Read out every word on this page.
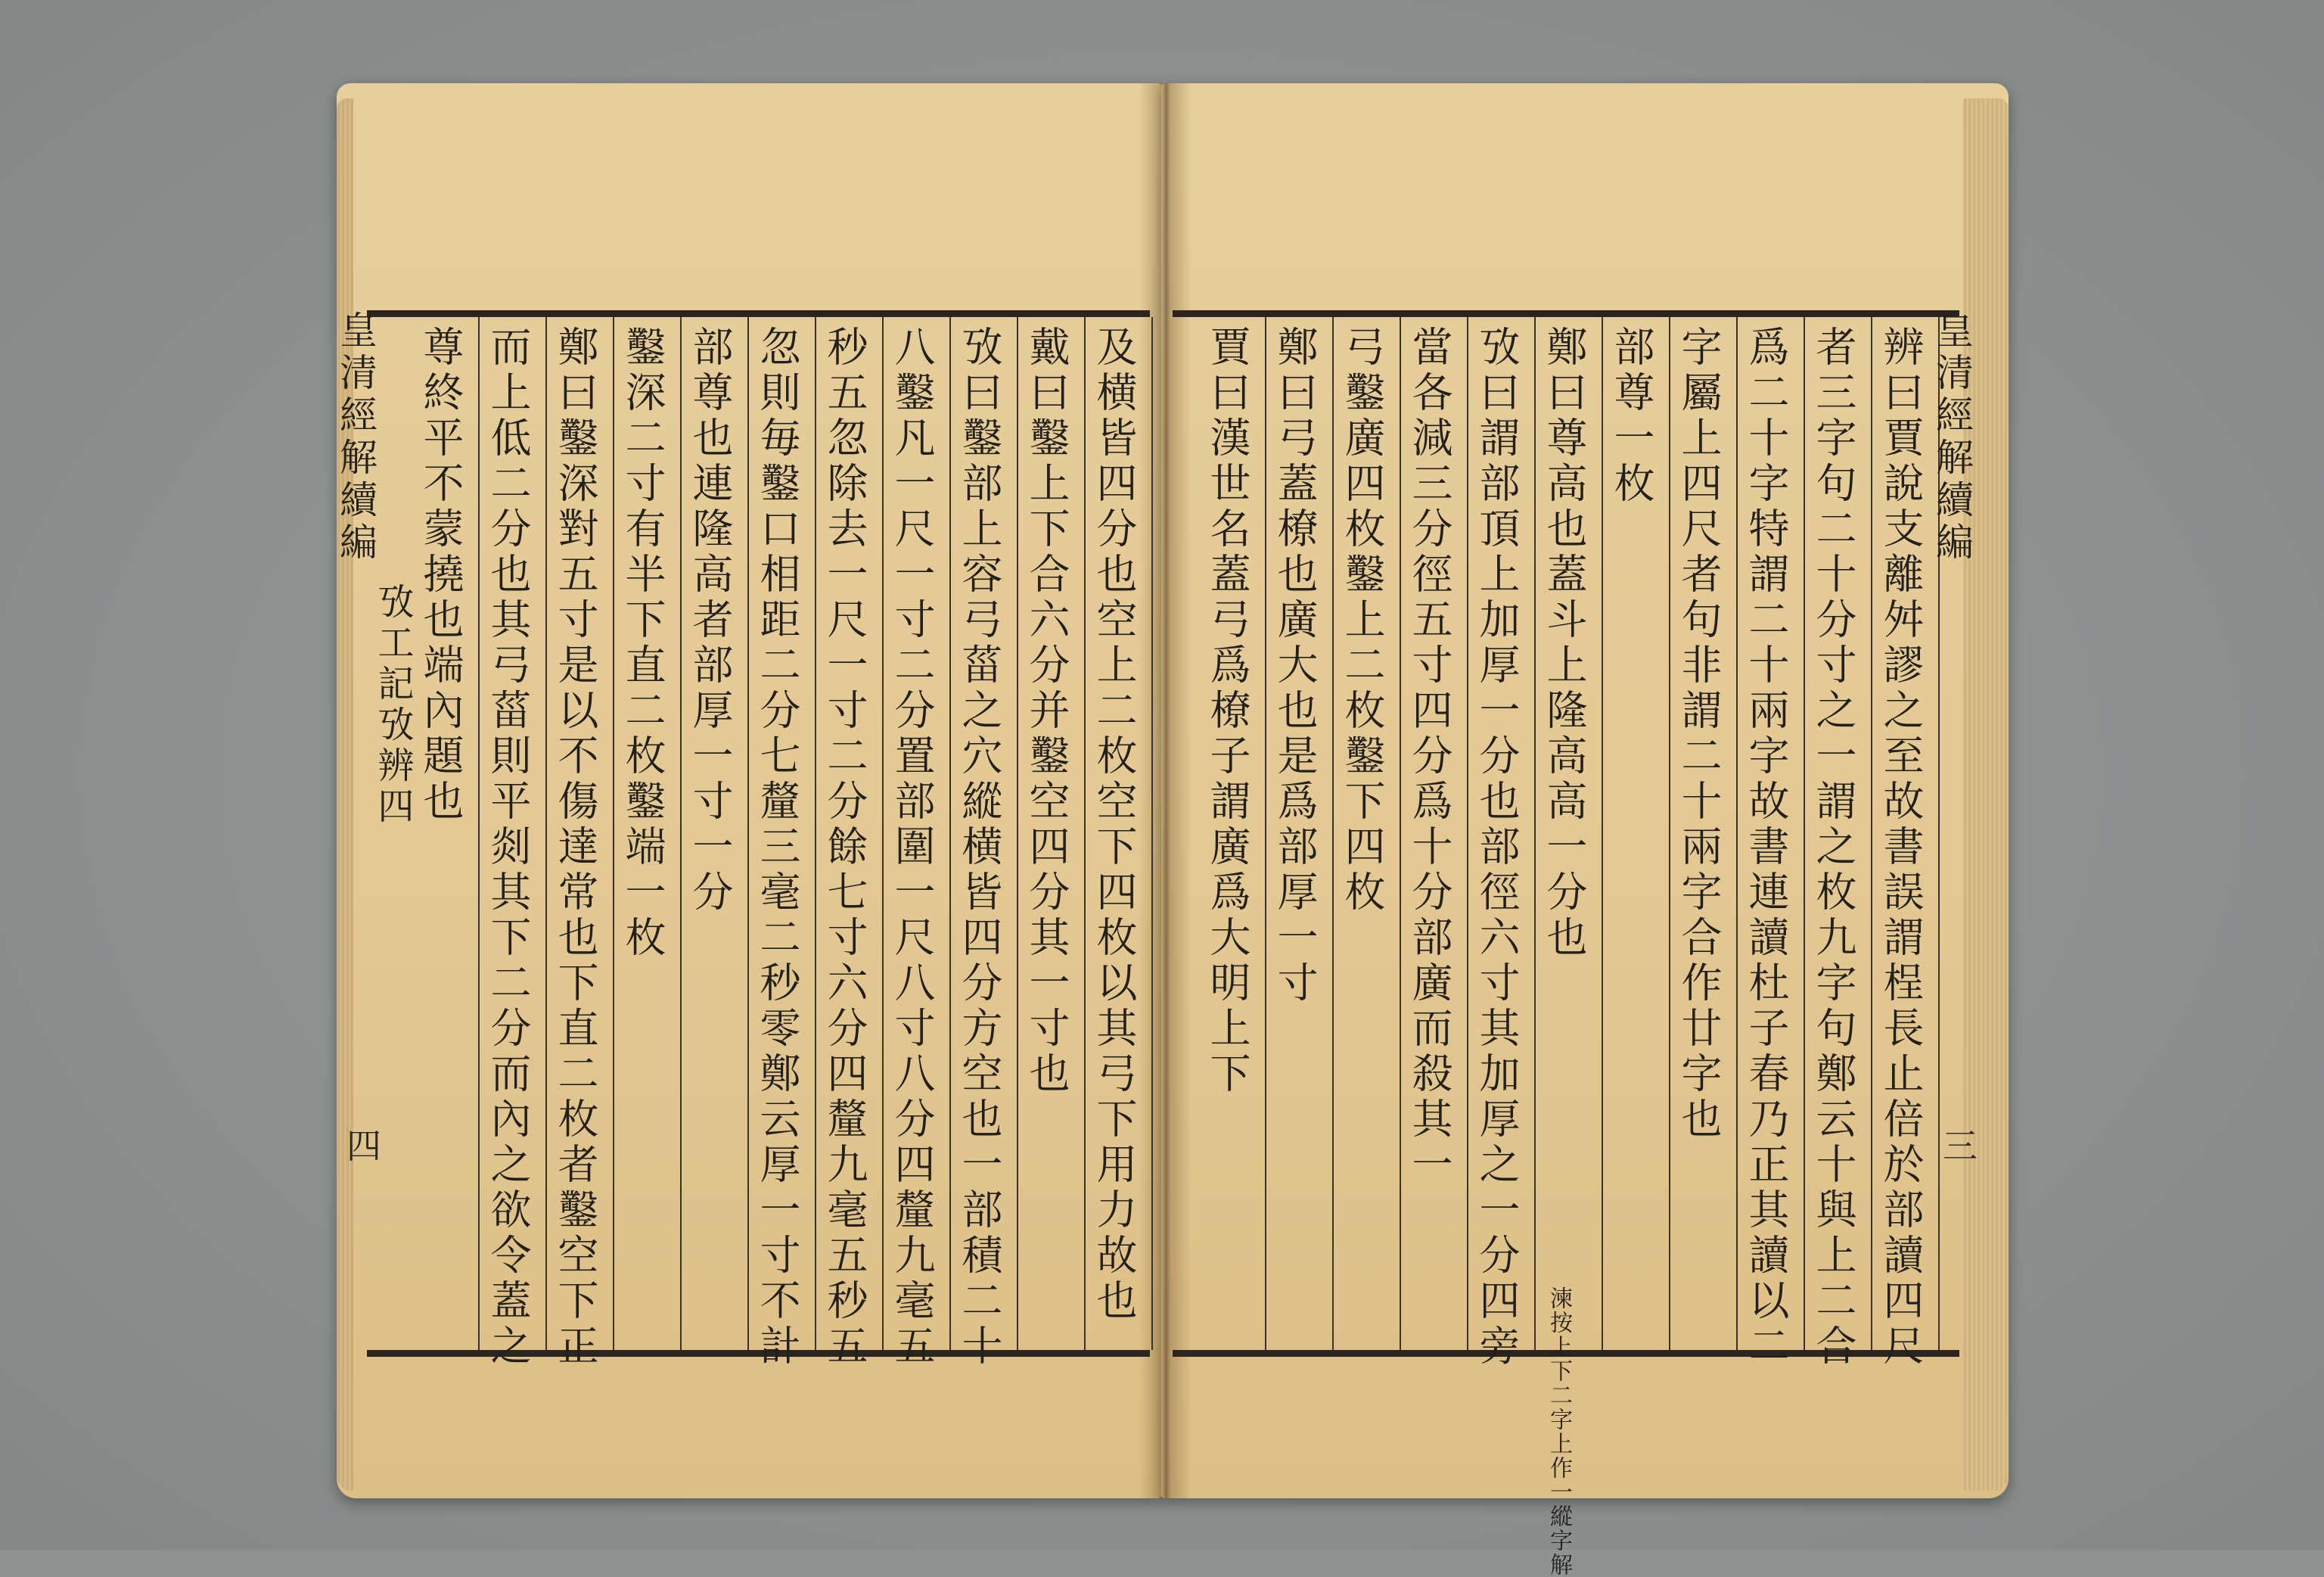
皇清經解續編
攷工記攷辨四
四	及横皆四分也空上二枚空下四枚以其弓下用力故也
戴曰鑿上下合六分并鑿空四分其一寸也
攷曰鑿部上容弓菑之穴縱横皆四分方空也一部積二十
八鑿凡一尺一寸二分置部圍一尺八寸八分四釐九毫五
秒五忽除去一尺一寸二分餘七寸六分四釐九毫五秒五
忽則毎鑿口相距二分七釐三毫二秒零鄭云厚一寸不計
部尊也連隆高者部厚一寸一分
鑿深二寸有半下直二枚鑿端一枚
鄭曰鑿深對五寸是以不傷達常也下直二枚者鑿空下正
而上低二分也其弓菑則平剡其下二分而內之欲令蓋之
尊終平不蒙撓也端內題也	辨曰賈說支離舛謬之至故書誤謂桯長止倍於部讀四尺
者三字句二十分寸之一謂之枚九字句鄭云十與上二合
爲二十字特謂二十兩字故書連讀杜子春乃正其讀以二
字屬上四尺者句非謂二十兩字合作廿字也
部尊一枚
鄭曰尊高也蓋斗上隆高高一分也
攷曰謂部頂上加厚一分也部徑六寸其加厚之一分四旁
當各減三分徑五寸四分爲十分部廣而殺其一
弓鑿廣四枚鑿上二枚鑿下四枚
鄭曰弓蓋橑也廣大也是爲部厚一寸
賈曰漢世名蓋弓爲橑子謂廣爲大明上下	皇清經解續編
三
湅按上下二字上作一縱字解
